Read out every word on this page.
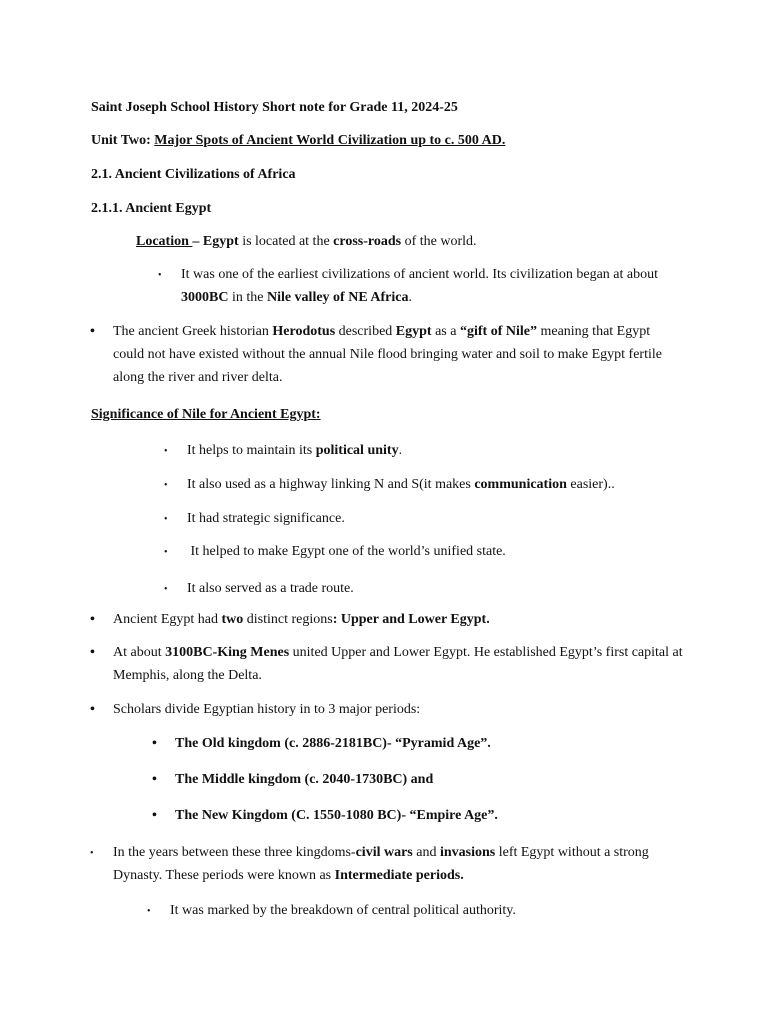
Saint Joseph School History Short note for Grade 11, 2024-25
Unit Two: Major Spots of Ancient World Civilization up to c. 500 AD.
2.1. Ancient Civilizations of Africa
2.1.1. Ancient Egypt
Location – Egypt is located at the cross-roads of the world.
• It was one of the earliest civilizations of ancient world. Its civilization began at about
3000BC in the Nile valley of NE Africa.
• The ancient Greek historian Herodotus described Egypt as a “gift of Nile” meaning that Egypt
could not have existed without the annual Nile flood bringing water and soil to make Egypt fertile
along the river and river delta.
Significance of Nile for Ancient Egypt:
• It helps to maintain its political unity.
• It also used as a highway linking N and S(it makes communication easier)..
• It had strategic significance.
• It helped to make Egypt one of the world’s unified state.
• It also served as a trade route.
• Ancient Egypt had two distinct regions: Upper and Lower Egypt.
• At about 3100BC-King Menes united Upper and Lower Egypt. He established Egypt’s first capital at
Memphis, along the Delta.
• Scholars divide Egyptian history in to 3 major periods:
• The Old kingdom (c. 2886-2181BC)- “Pyramid Age”.
• The Middle kingdom (c. 2040-1730BC) and
• The New Kingdom (C. 1550-1080 BC)- “Empire Age”.
• In the years between these three kingdoms-civil wars and invasions left Egypt without a strong
Dynasty. These periods were known as Intermediate periods.
• It was marked by the breakdown of central political authority.
